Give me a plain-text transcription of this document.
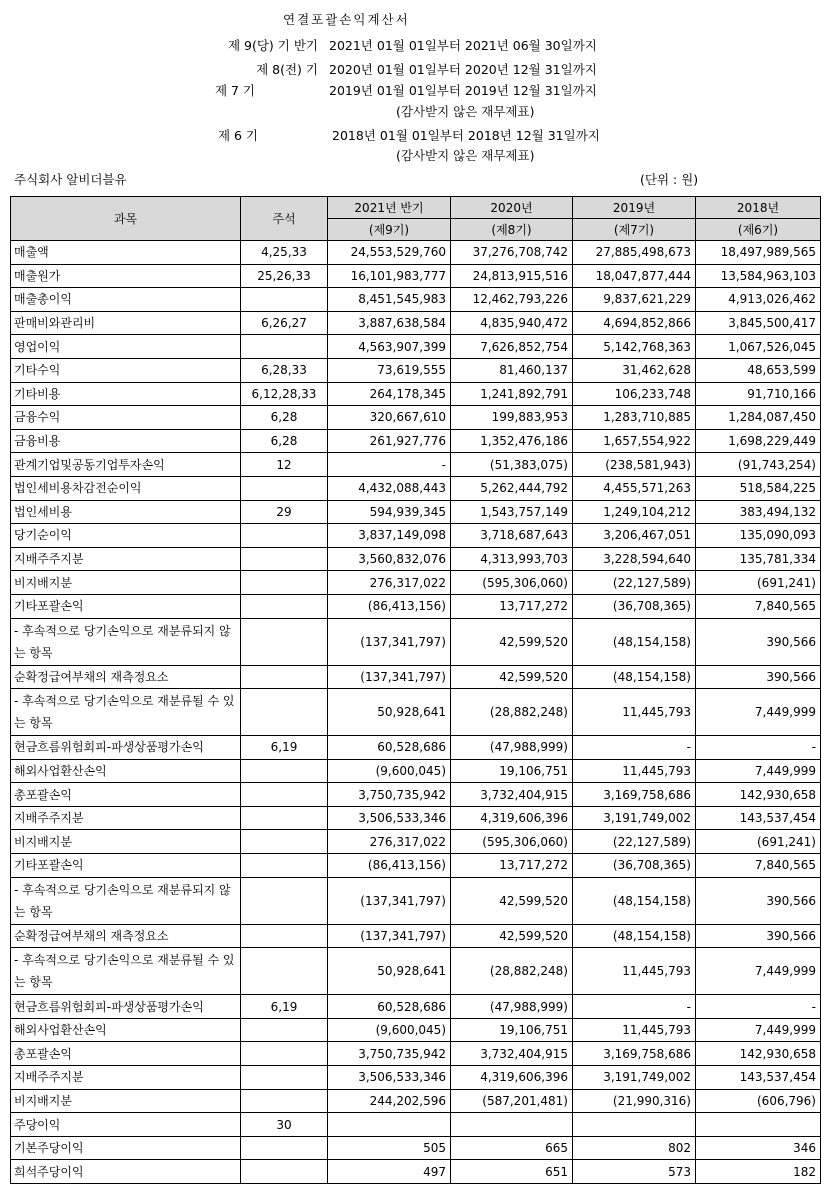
연결포괄손익계산서
제 9(당) 기 반기 2021년 01월 01일부터 2021년 06월 30일까지
제 8(전) 기 2020년 01월 01일부터 2020년 12월 31일까지
제 7 기	2019년 01월 01일부터 2019년 12월 31일까지
(감사받지 않은 재무제표)
제 6 기	2018년 01월 01일부터 2018년 12월 31일까지
(감사받지 않은 재무제표)
주식회사 알비더블유	(단위 : 원)
과목	주석	2021년 반기	2020년	2019년	2018년
		(제9기)	(제8기)	(제7기)	(제6기)
매출액	4,25,33	24,553,529,760	37,276,708,742	27,885,498,673	18,497,989,565
매출원가	25,26,33	16,101,983,777	24,813,915,516	18,047,877,444	13,584,963,103
매출총이익		8,451,545,983	12,462,793,226	9,837,621,229	4,913,026,462
판매비와관리비	6,26,27	3,887,638,584	4,835,940,472	4,694,852,866	3,845,500,417
영업이익		4,563,907,399	7,626,852,754	5,142,768,363	1,067,526,045
기타수익	6,28,33	73,619,555	81,460,137	31,462,628	48,653,599
기타비용	6,12,28,33	264,178,345	1,241,892,791	106,233,748	91,710,166
금융수익	6,28	320,667,610	199,883,953	1,283,710,885	1,284,087,450
금융비용	6,28	261,927,776	1,352,476,186	1,657,554,922	1,698,229,449
관계기업및공동기업투자손익	12	-	(51,383,075)	(238,581,943)	(91,743,254)
법인세비용차감전순이익		4,432,088,443	5,262,444,792	4,455,571,263	518,584,225
법인세비용	29	594,939,345	1,543,757,149	1,249,104,212	383,494,132
당기순이익		3,837,149,098	3,718,687,643	3,206,467,051	135,090,093
지배주주지분		3,560,832,076	4,313,993,703	3,228,594,640	135,781,334
비지배지분		276,317,022	(595,306,060)	(22,127,589)	(691,241)
기타포괄손익		(86,413,156)	13,717,272	(36,708,365)	7,840,565
- 후속적으로 당기손익으로 재분류되지 않는 항목		(137,341,797)	42,599,520	(48,154,158)	390,566
순확정급여부채의 재측정요소		(137,341,797)	42,599,520	(48,154,158)	390,566
- 후속적으로 당기손익으로 재분류될 수 있는 항목		50,928,641	(28,882,248)	11,445,793	7,449,999
현금흐름위험회피-파생상품평가손익	6,19	60,528,686	(47,988,999)	-	-
해외사업환산손익		(9,600,045)	19,106,751	11,445,793	7,449,999
총포괄손익		3,750,735,942	3,732,404,915	3,169,758,686	142,930,658
지배주주지분		3,506,533,346	4,319,606,396	3,191,749,002	143,537,454
비지배지분		276,317,022	(595,306,060)	(22,127,589)	(691,241)
기타포괄손익		(86,413,156)	13,717,272	(36,708,365)	7,840,565
- 후속적으로 당기손익으로 재분류되지 않는 항목		(137,341,797)	42,599,520	(48,154,158)	390,566
순확정급여부채의 재측정요소		(137,341,797)	42,599,520	(48,154,158)	390,566
- 후속적으로 당기손익으로 재분류될 수 있는 항목		50,928,641	(28,882,248)	11,445,793	7,449,999
현금흐름위험회피-파생상품평가손익	6,19	60,528,686	(47,988,999)	-	-
해외사업환산손익		(9,600,045)	19,106,751	11,445,793	7,449,999
총포괄손익		3,750,735,942	3,732,404,915	3,169,758,686	142,930,658
지배주주지분		3,506,533,346	4,319,606,396	3,191,749,002	143,537,454
비지배지분		244,202,596	(587,201,481)	(21,990,316)	(606,796)
주당이익	30				
기본주당이익		505	665	802	346
희석주당이익		497	651	573	182
